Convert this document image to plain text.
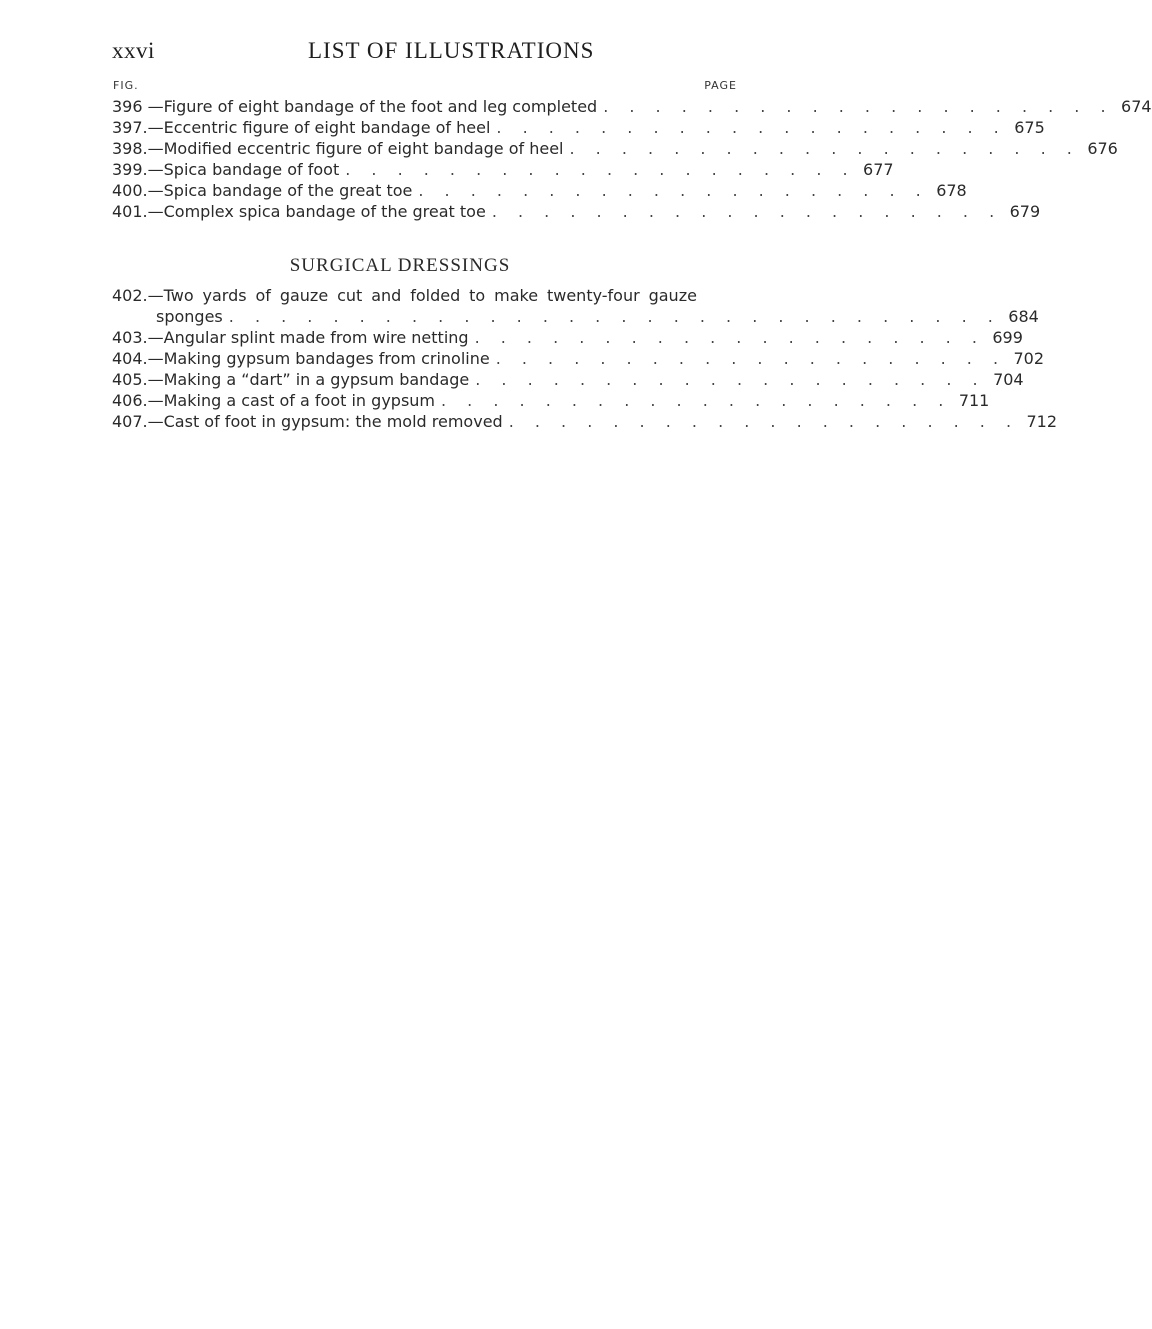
xxvi	LIST OF ILLUSTRATIONS
FIG.	PAGE
396 —Figure of eight bandage of the foot and leg completed . . . . . . . . . . . . . . . . . . . . 674
397.—Eccentric figure of eight bandage of heel . . . . . . . . . . . . . . . . . . . . 675
398.—Modified eccentric figure of eight bandage of heel . . . . . . . . . . . . . . . . . . . . 676
399.—Spica bandage of foot . . . . . . . . . . . . . . . . . . . . 677
400.—Spica bandage of the great toe . . . . . . . . . . . . . . . . . . . . 678
401.—Complex spica bandage of the great toe . . . . . . . . . . . . . . . . . . . . 679
SURGICAL DRESSINGS
402.—Two yards of gauze cut and folded to make twenty-four gauze
sponges . . . . . . . . . . . . . . . . . . . . . . . . . . . . . . 684
403.—Angular splint made from wire netting . . . . . . . . . . . . . . . . . . . . 699
404.—Making gypsum bandages from crinoline . . . . . . . . . . . . . . . . . . . . 702
405.—Making a “dart” in a gypsum bandage . . . . . . . . . . . . . . . . . . . . 704
406.—Making a cast of a foot in gypsum . . . . . . . . . . . . . . . . . . . . 711
407.—Cast of foot in gypsum: the mold removed . . . . . . . . . . . . . . . . . . . . 712
